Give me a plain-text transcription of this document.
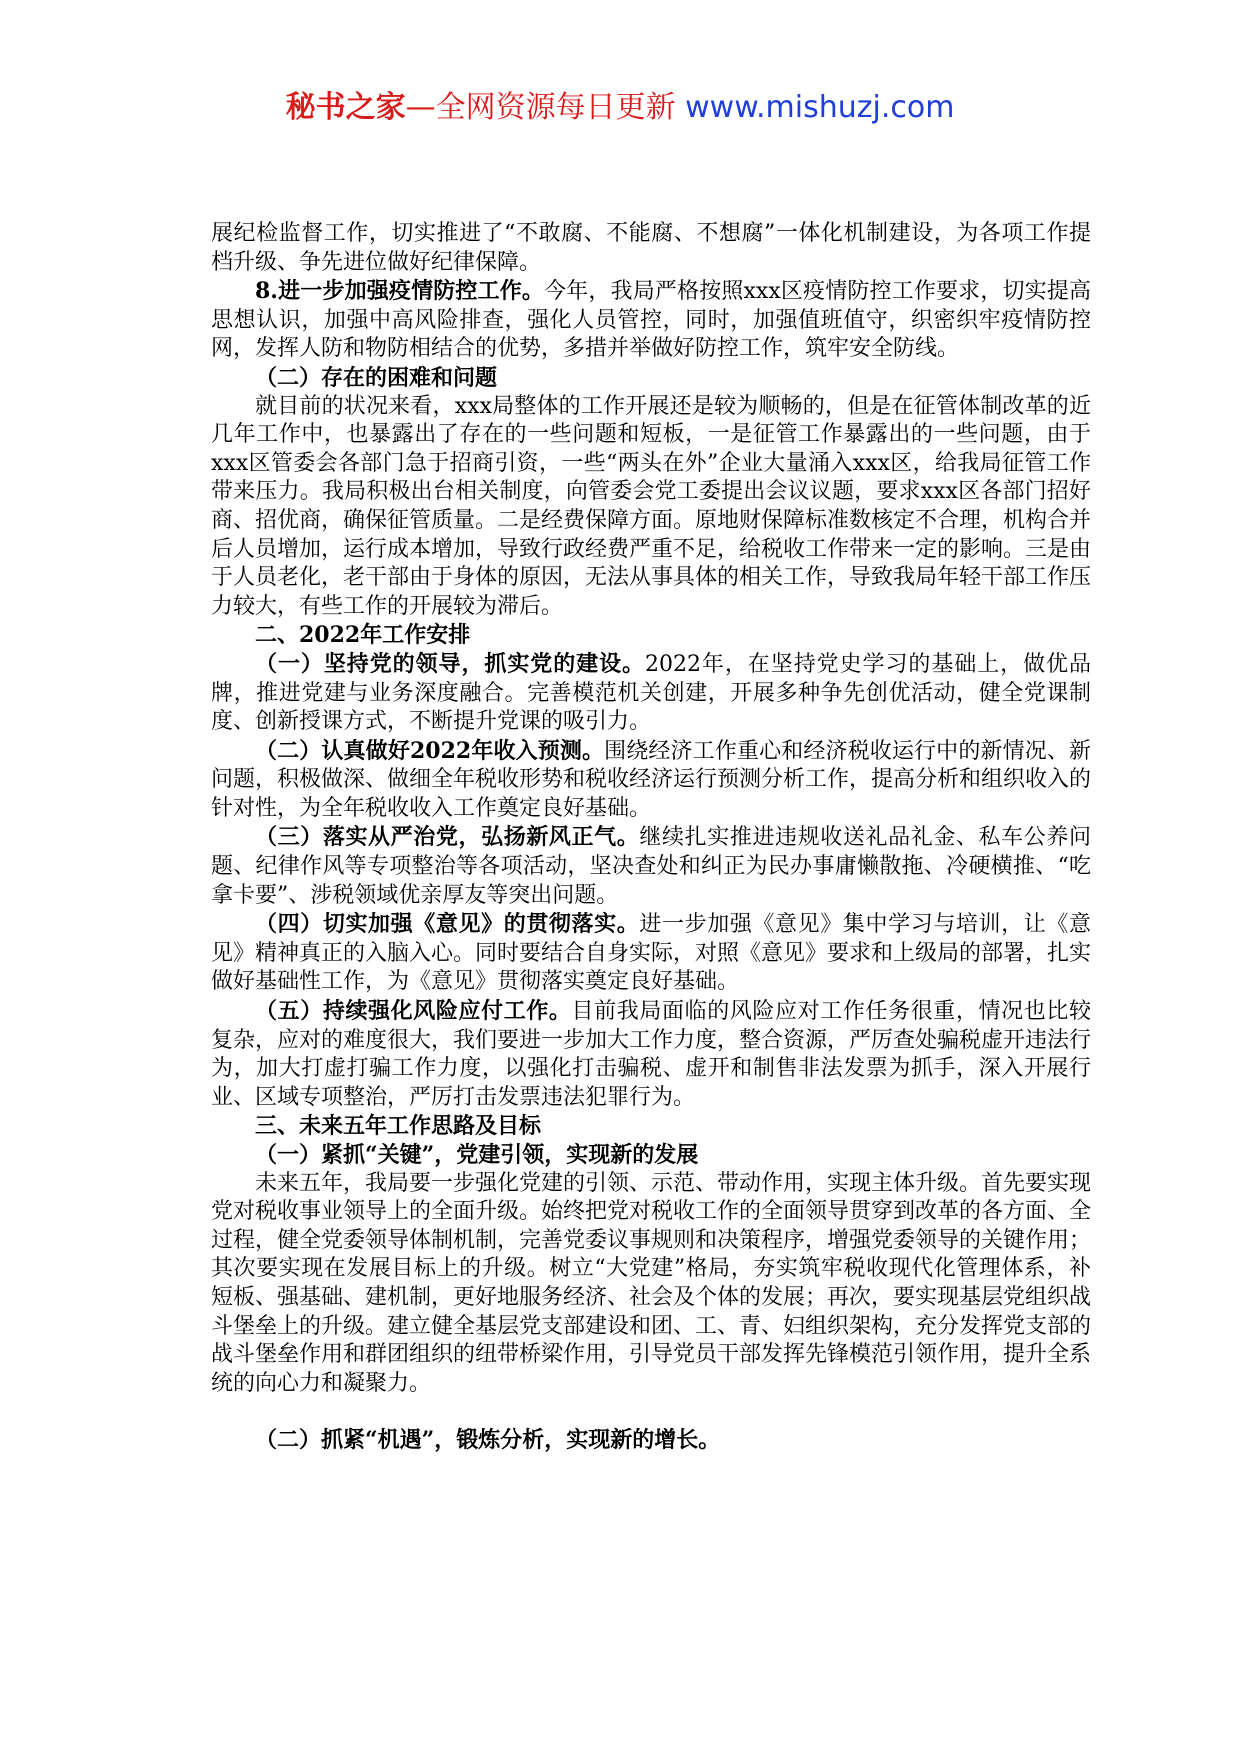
秘书之家—全网资源每日更新 www.mishuzj.com

展纪检监督工作，切实推进了“不敢腐、不能腐、不想腐”一体化机制建设，为各项工作提档升级、争先进位做好纪律保障。

8.进一步加强疫情防控工作。今年，我局严格按照xxx区疫情防控工作要求，切实提高思想认识，加强中高风险排查，强化人员管控，同时，加强值班值守，织密织牢疫情防控网，发挥人防和物防相结合的优势，多措并举做好防控工作，筑牢安全防线。

（二）存在的困难和问题

就目前的状况来看，xxx局整体的工作开展还是较为顺畅的，但是在征管体制改革的近几年工作中，也暴露出了存在的一些问题和短板，一是征管工作暴露出的一些问题，由于xxx区管委会各部门急于招商引资，一些“两头在外”企业大量涌入xxx区，给我局征管工作带来压力。我局积极出台相关制度，向管委会党工委提出会议议题，要求xxx区各部门招好商、招优商，确保征管质量。二是经费保障方面。原地财保障标准数核定不合理，机构合并后人员增加，运行成本增加，导致行政经费严重不足，给税收工作带来一定的影响。三是由于人员老化，老干部由于身体的原因，无法从事具体的相关工作，导致我局年轻干部工作压力较大，有些工作的开展较为滞后。

二、2022年工作安排

（一）坚持党的领导，抓实党的建设。2022年，在坚持党史学习的基础上，做优品牌，推进党建与业务深度融合。完善模范机关创建，开展多种争先创优活动，健全党课制度、创新授课方式，不断提升党课的吸引力。

（二）认真做好2022年收入预测。围绕经济工作重心和经济税收运行中的新情况、新问题，积极做深、做细全年税收形势和税收经济运行预测分析工作，提高分析和组织收入的针对性，为全年税收收入工作奠定良好基础。

（三）落实从严治党，弘扬新风正气。继续扎实推进违规收送礼品礼金、私车公养问题、纪律作风等专项整治等各项活动，坚决查处和纠正为民办事庸懒散拖、冷硬横推、“吃拿卡要”、涉税领域优亲厚友等突出问题。

（四）切实加强《意见》的贯彻落实。进一步加强《意见》集中学习与培训，让《意见》精神真正的入脑入心。同时要结合自身实际，对照《意见》要求和上级局的部署，扎实做好基础性工作，为《意见》贯彻落实奠定良好基础。

（五）持续强化风险应付工作。目前我局面临的风险应对工作任务很重，情况也比较复杂，应对的难度很大，我们要进一步加大工作力度，整合资源，严厉查处骗税虚开违法行为，加大打虚打骗工作力度，以强化打击骗税、虚开和制售非法发票为抓手，深入开展行业、区域专项整治，严厉打击发票违法犯罪行为。

三、未来五年工作思路及目标

（一）紧抓“关键”，党建引领，实现新的发展

未来五年，我局要一步强化党建的引领、示范、带动作用，实现主体升级。首先要实现党对税收事业领导上的全面升级。始终把党对税收工作的全面领导贯穿到改革的各方面、全过程，健全党委领导体制机制，完善党委议事规则和决策程序，增强党委领导的关键作用；其次要实现在发展目标上的升级。树立“大党建”格局，夯实筑牢税收现代化管理体系，补短板、强基础、建机制，更好地服务经济、社会及个体的发展；再次，要实现基层党组织战斗堡垒上的升级。建立健全基层党支部建设和团、工、青、妇组织架构，充分发挥党支部的战斗堡垒作用和群团组织的纽带桥梁作用，引导党员干部发挥先锋模范引领作用，提升全系统的向心力和凝聚力。

（二）抓紧“机遇”，锻炼分析，实现新的增长。
